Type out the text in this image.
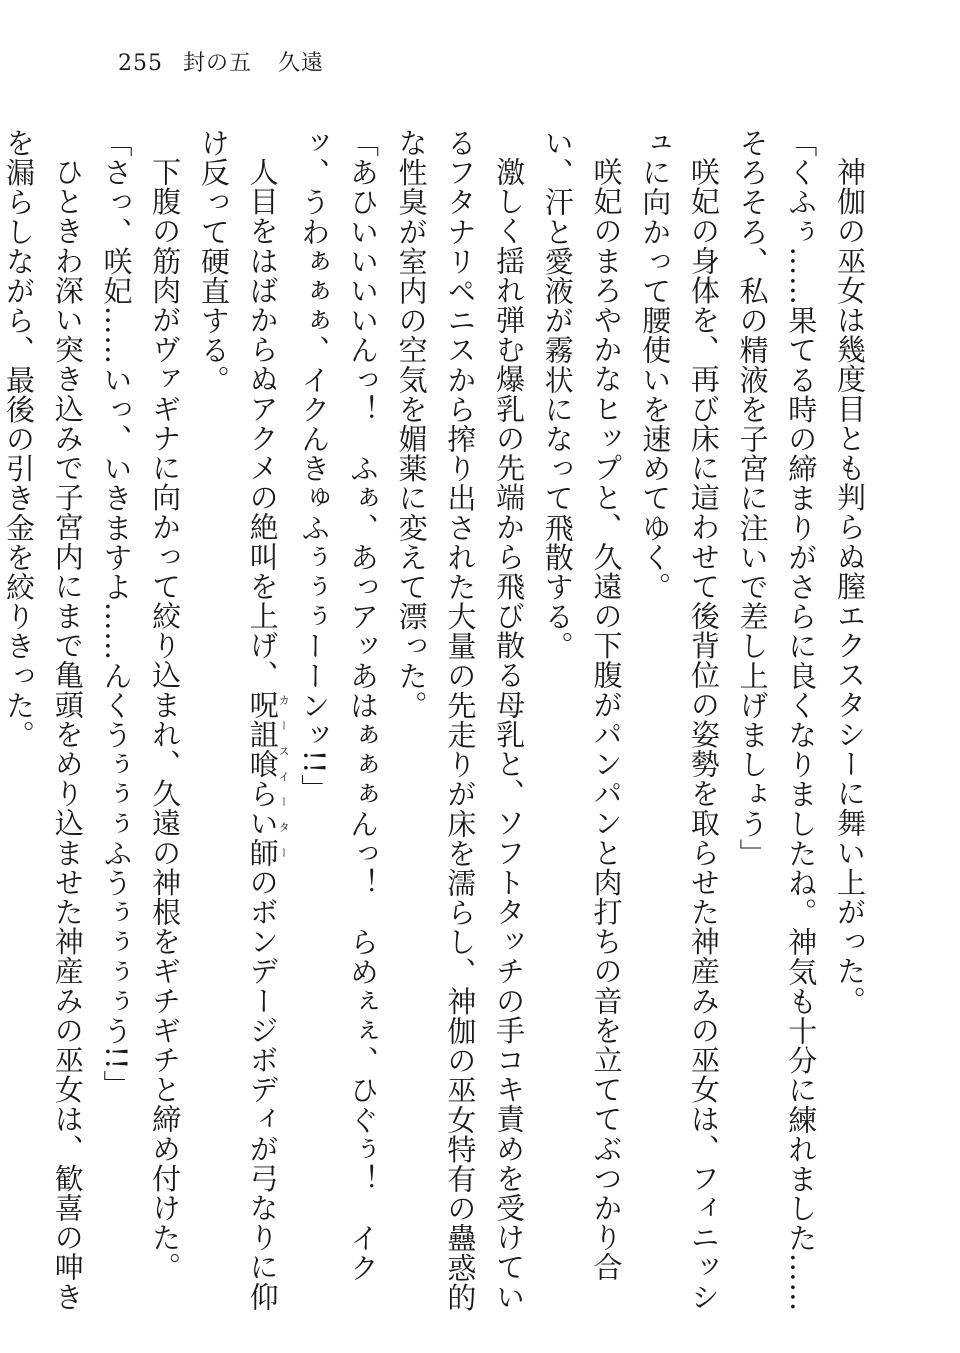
255 封の五 久遠

神伽の巫女は幾度目とも判らぬ膣エクスタシーに舞い上がった。

「くふぅ……果てる時の締まりがさらに良くなりましたね。神気も十分に練れました……そろそろ、私の精液を子宮に注いで差し上げましょう」

咲妃の身体を、再び床に這わせて後背位の姿勢を取らせた神産みの巫女は、フィニッシュに向かって腰使いを速めてゆく。

咲妃のまろやかなヒップと、久遠の下腹がパンパンと肉打ちの音を立ててぶつかり合い、汗と愛液が霧状になって飛散する。

激しく揺れ弾む爆乳の先端から飛び散る母乳と、ソフトタッチの手コキ責めを受けているフタナリペニスから搾り出された大量の先走りが床を濡らし、神伽の巫女特有の蠱惑的な性臭が室内の空気を媚薬に変えて漂った。

「あひいいいいんっ！　ふぁ、あっアッあはぁぁぁんっ！　らめぇぇ、ひぐぅ！　イクッ、うわぁぁぁ、イクんきゅふぅぅぅーーンッ!!」

人目をはばからぬアクメの絶叫を上げ、呪詛喰らい師カースイーターのボンデージボディが弓なりに仰け反って硬直する。

下腹の筋肉がヴァギナに向かって絞り込まれ、久遠の神根をギチギチと締め付けた。

「さっ、咲妃……いっ、いきますよ……んくうぅぅぅふうぅぅぅぅう!!」

ひときわ深い突き込みで子宮内にまで亀頭をめり込ませた神産みの巫女は、歓喜の呻きを漏らしながら、最後の引き金を絞りきった。
